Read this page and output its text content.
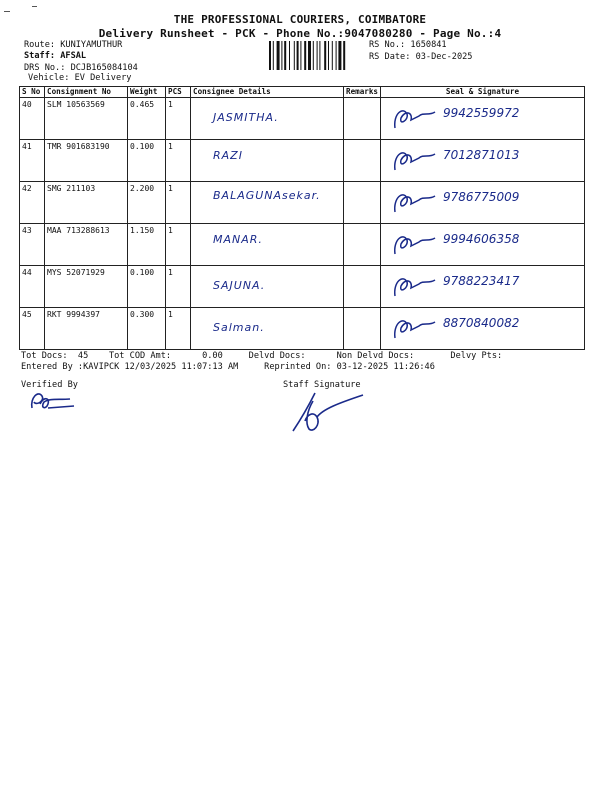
THE PROFESSIONAL COURIERS, COIMBATORE
Delivery Runsheet - PCK - Phone No.:9047080280 - Page No.:4
Route: KUNIYAMUTHUR
Staff: AFSAL
DRS No.: DCJB165084104
Vehicle: EV Delivery
RS No.: 1650841
RS Date: 03-Dec-2025
S No	Consignment No	Weight	PCS	Consignee Details	Remarks	Seal & Signature
40	SLM 10563569	0.465	1	JASMITHA.		9942559972

41	TMR 901683190	0.100	1	RAZI		7012871013

42	SMG 211103	2.200	1	BALAGUNAsekar.		9786775009

43	MAA 713288613	1.150	1	MANAR.		9994606358

44	MYS 52071929	0.100	1	SAJUNA.		9788223417

45	RKT 9994397	0.300	1	Salman.		8870840082
Tot Docs:  45    Tot COD Amt:      0.00     Delvd Docs:      Non Delvd Docs:       Delvy Pts:
Entered By :KAVIPCK 12/03/2025 11:07:13 AM     Reprinted On: 03-12-2025 11:26:46
Verified By	Staff Signature
